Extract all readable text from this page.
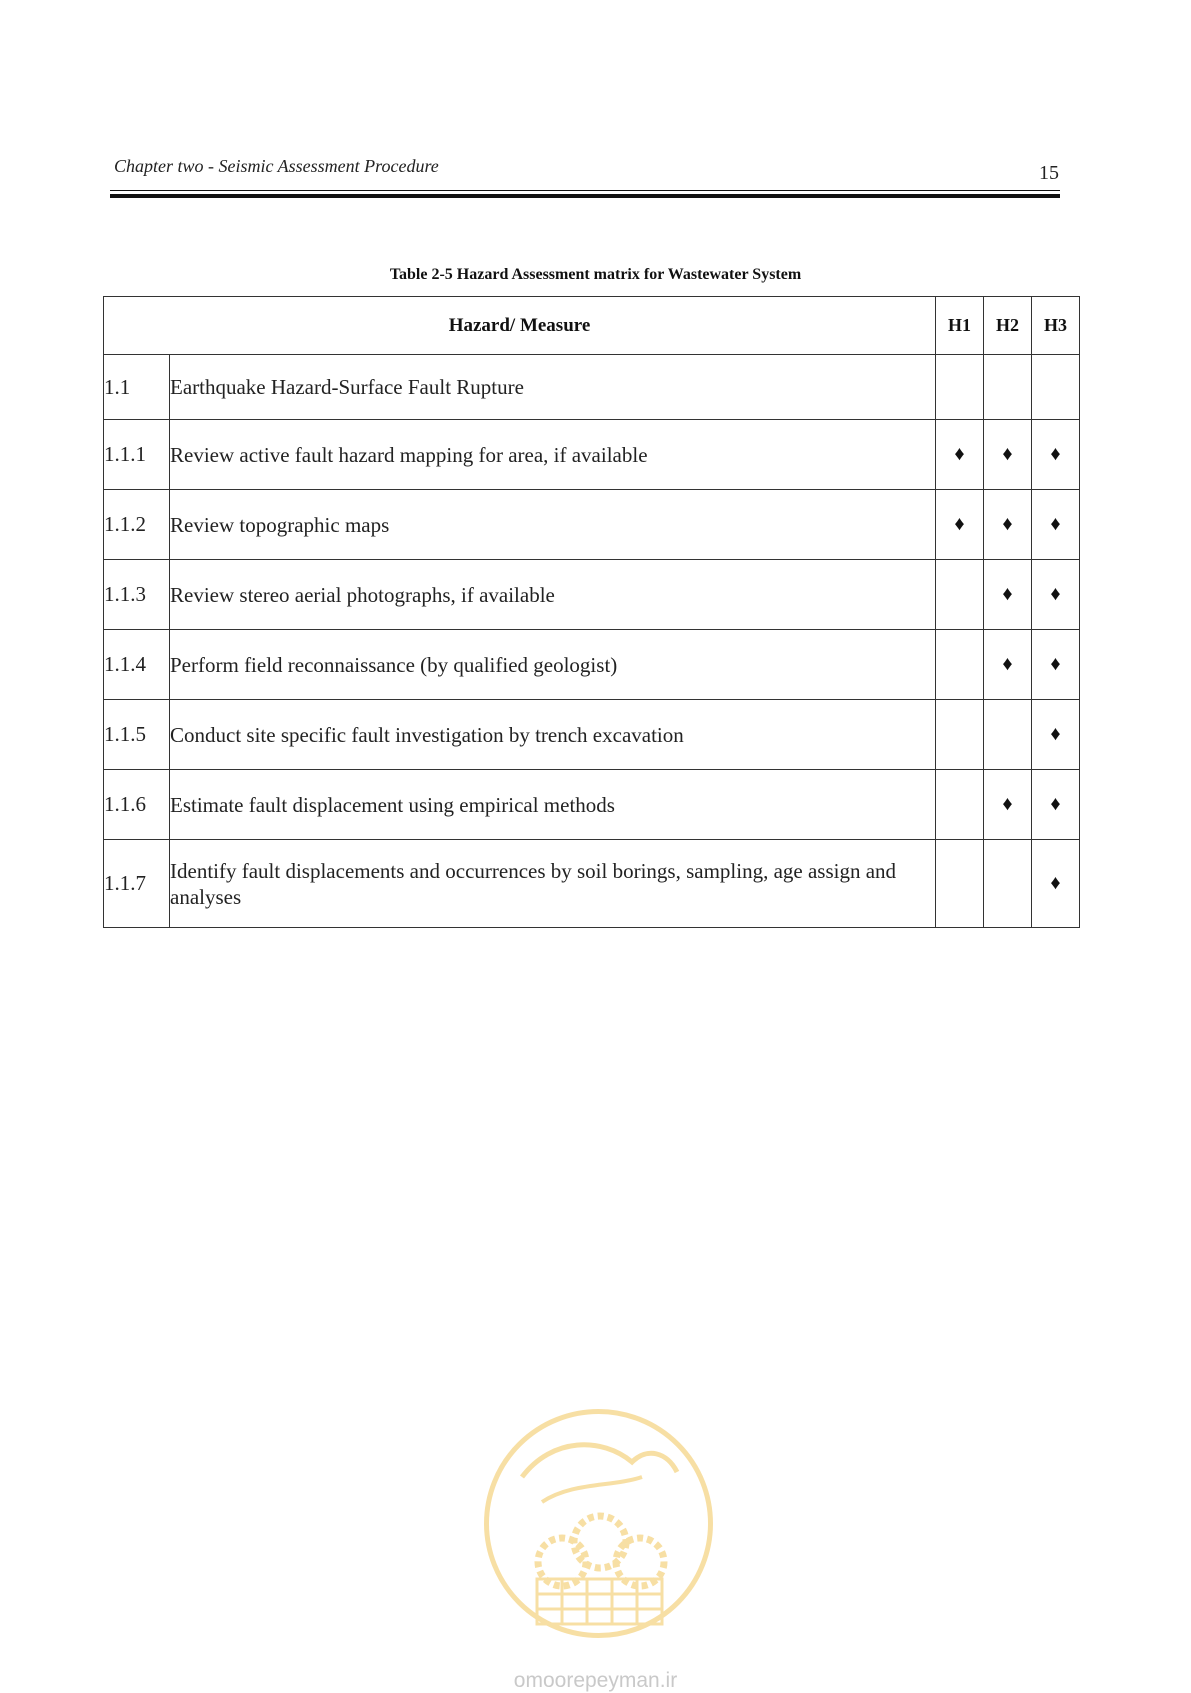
Chapter two - Seismic Assessment Procedure	15
Table 2-5 Hazard Assessment matrix for Wastewater System
Hazard/ Measure		H1	H2	H3
1.1	Earthquake Hazard-Surface Fault Rupture			
1.1.1	Review active fault hazard mapping for area, if available	♦	♦	♦
1.1.2	Review topographic maps	♦	♦	♦
1.1.3	Review stereo aerial photographs, if available		♦	♦
1.1.4	Perform field reconnaissance (by qualified geologist)		♦	♦
1.1.5	Conduct site specific fault investigation by trench excavation			♦
1.1.6	Estimate fault displacement using empirical methods		♦	♦
1.1.7	Identify fault displacements and occurrences by soil borings, sampling, age assign and analyses			♦
omoorepeyman.ir
